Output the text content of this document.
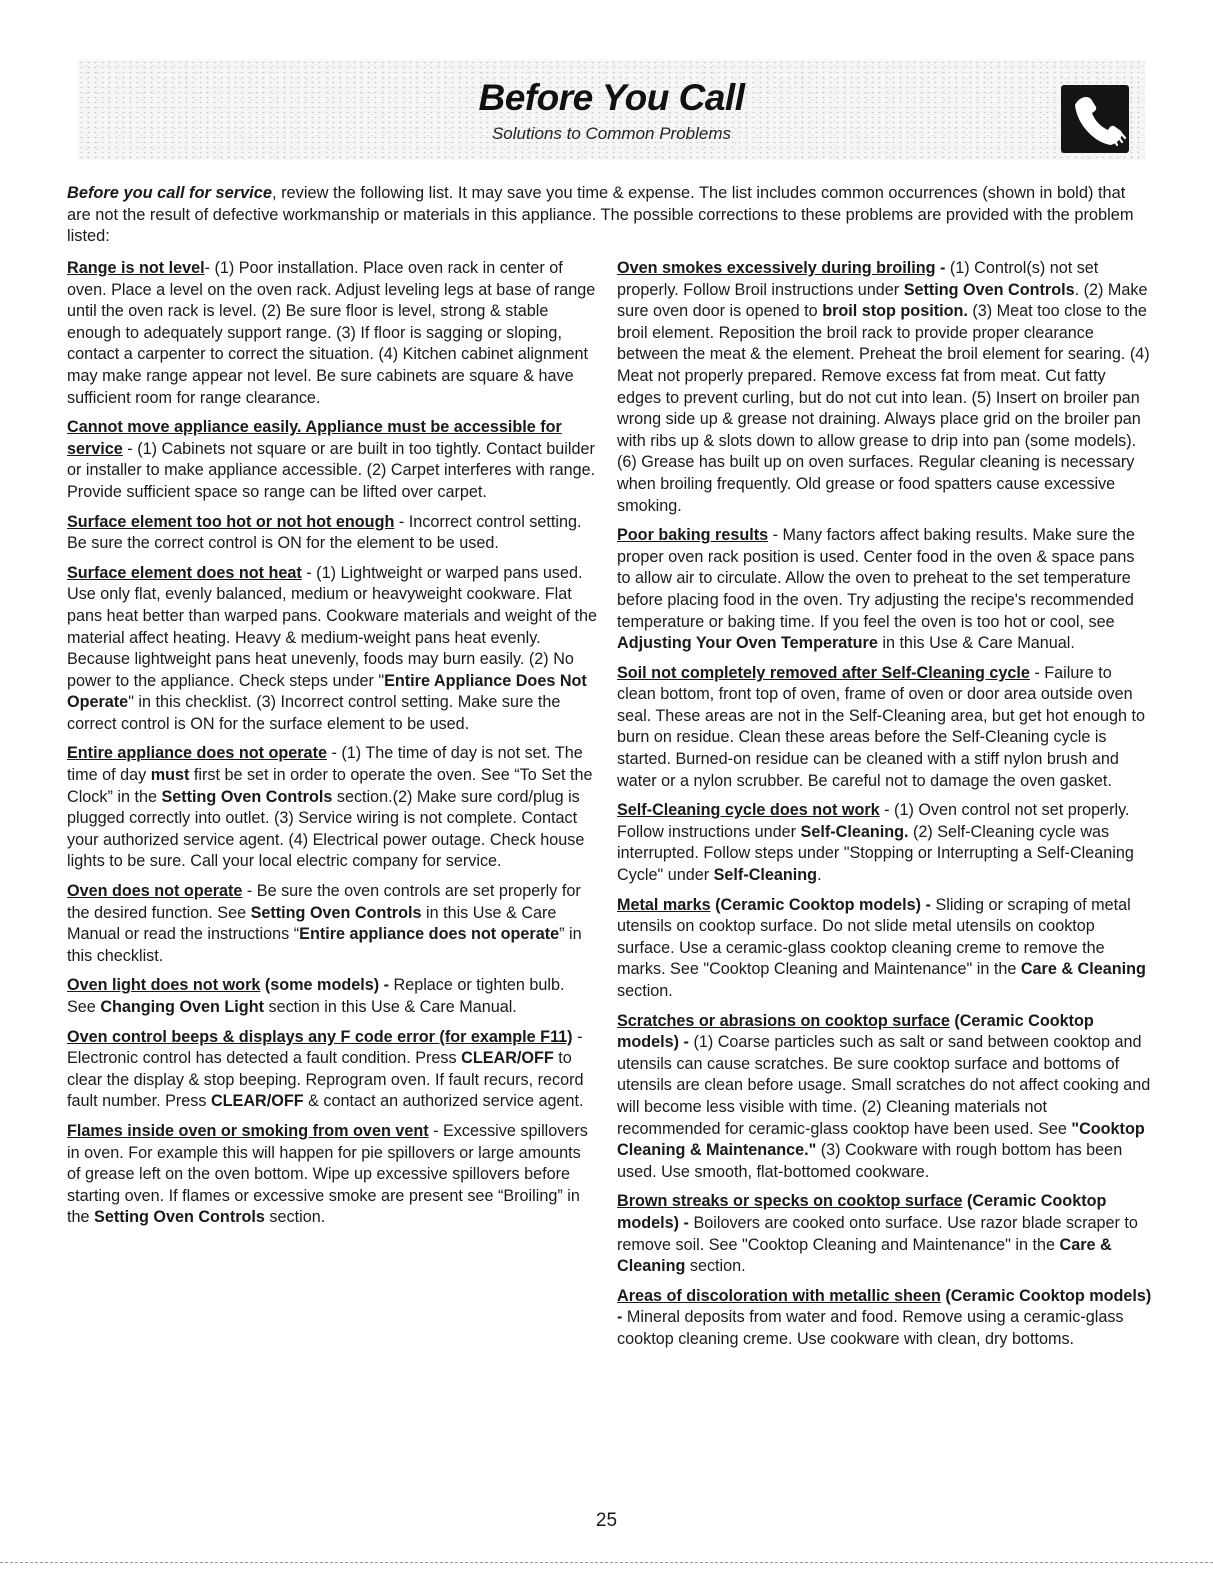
Before You Call
Solutions to Common Problems
Before you call for service, review the following list. It may save you time & expense. The list includes common occurrences (shown in bold) that are not the result of defective workmanship or materials in this appliance. The possible corrections to these problems are provided with the problem listed:

Range is not level- (1) Poor installation. Place oven rack in center of oven. Place a level on the oven rack. Adjust leveling legs at base of range until the oven rack is level. (2) Be sure floor is level, strong & stable enough to adequately support range. (3) If floor is sagging or sloping, contact a carpenter to correct the situation. (4) Kitchen cabinet alignment may make range appear not level. Be sure cabinets are square & have sufficient room for range clearance.

Cannot move appliance easily. Appliance must be accessible for service - (1) Cabinets not square or are built in too tightly. Contact builder or installer to make appliance accessible. (2) Carpet interferes with range. Provide sufficient space so range can be lifted over carpet.

Surface element too hot or not hot enough - Incorrect control setting. Be sure the correct control is ON for the element to be used.

Surface element does not heat - (1) Lightweight or warped pans used. Use only flat, evenly balanced, medium or heavyweight cookware. Flat pans heat better than warped pans. Cookware materials and weight of the material affect heating. Heavy & medium-weight pans heat evenly. Because lightweight pans heat unevenly, foods may burn easily. (2) No power to the appliance. Check steps under "Entire Appliance Does Not Operate" in this checklist. (3) Incorrect control setting. Make sure the correct control is ON for the surface element to be used.

Entire appliance does not operate - (1) The time of day is not set. The time of day must first be set in order to operate the oven. See “To Set the Clock” in the Setting Oven Controls section.(2) Make sure cord/plug is plugged correctly into outlet. (3) Service wiring is not complete. Contact your authorized service agent. (4) Electrical power outage. Check house lights to be sure. Call your local electric company for service.

Oven does not operate - Be sure the oven controls are set properly for the desired function. See Setting Oven Controls in this Use & Care Manual or read the instructions “Entire appliance does not operate” in this checklist.

Oven light does not work (some models) - Replace or tighten bulb. See Changing Oven Light section in this Use & Care Manual.

Oven control beeps & displays any F code error (for example F11) - Electronic control has detected a fault condition. Press CLEAR/OFF to clear the display & stop beeping. Reprogram oven. If fault recurs, record fault number. Press CLEAR/OFF & contact an authorized service agent.

Flames inside oven or smoking from oven vent - Excessive spillovers in oven. For example this will happen for pie spillovers or large amounts of grease left on the oven bottom. Wipe up excessive spillovers before starting oven. If flames or excessive smoke are present see “Broiling” in the Setting Oven Controls section.

Oven smokes excessively during broiling - (1) Control(s) not set properly. Follow Broil instructions under Setting Oven Controls. (2) Make sure oven door is opened to broil stop position. (3) Meat too close to the broil element. Reposition the broil rack to provide proper clearance between the meat & the element. Preheat the broil element for searing. (4) Meat not properly prepared. Remove excess fat from meat. Cut fatty edges to prevent curling, but do not cut into lean. (5) Insert on broiler pan wrong side up & grease not draining. Always place grid on the broiler pan with ribs up & slots down to allow grease to drip into pan (some models). (6) Grease has built up on oven surfaces. Regular cleaning is necessary when broiling frequently. Old grease or food spatters cause excessive smoking.

Poor baking results - Many factors affect baking results. Make sure the proper oven rack position is used. Center food in the oven & space pans to allow air to circulate. Allow the oven to preheat to the set temperature before placing food in the oven. Try adjusting the recipe's recommended temperature or baking time. If you feel the oven is too hot or cool, see Adjusting Your Oven Temperature in this Use & Care Manual.

Soil not completely removed after Self-Cleaning cycle - Failure to clean bottom, front top of oven, frame of oven or door area outside oven seal. These areas are not in the Self-Cleaning area, but get hot enough to burn on residue. Clean these areas before the Self-Cleaning cycle is started. Burned-on residue can be cleaned with a stiff nylon brush and water or a nylon scrubber. Be careful not to damage the oven gasket.

Self-Cleaning cycle does not work - (1) Oven control not set properly. Follow instructions under Self-Cleaning. (2) Self-Cleaning cycle was interrupted. Follow steps under "Stopping or Interrupting a Self-Cleaning Cycle" under Self-Cleaning.

Metal marks (Ceramic Cooktop models) - Sliding or scraping of metal utensils on cooktop surface. Do not slide metal utensils on cooktop surface. Use a ceramic-glass cooktop cleaning creme to remove the marks. See "Cooktop Cleaning and Maintenance" in the Care & Cleaning section.

Scratches or abrasions on cooktop surface (Ceramic Cooktop models) - (1) Coarse particles such as salt or sand between cooktop and utensils can cause scratches. Be sure cooktop surface and bottoms of utensils are clean before usage. Small scratches do not affect cooking and will become less visible with time. (2) Cleaning materials not recommended for ceramic-glass cooktop have been used. See "Cooktop Cleaning & Maintenance." (3) Cookware with rough bottom has been used. Use smooth, flat-bottomed cookware.

Brown streaks or specks on cooktop surface (Ceramic Cooktop models) - Boilovers are cooked onto surface. Use razor blade scraper to remove soil. See "Cooktop Cleaning and Maintenance" in the Care & Cleaning section.

Areas of discoloration with metallic sheen (Ceramic Cooktop models) - Mineral deposits from water and food. Remove using a ceramic-glass cooktop cleaning creme. Use cookware with clean, dry bottoms.

25
